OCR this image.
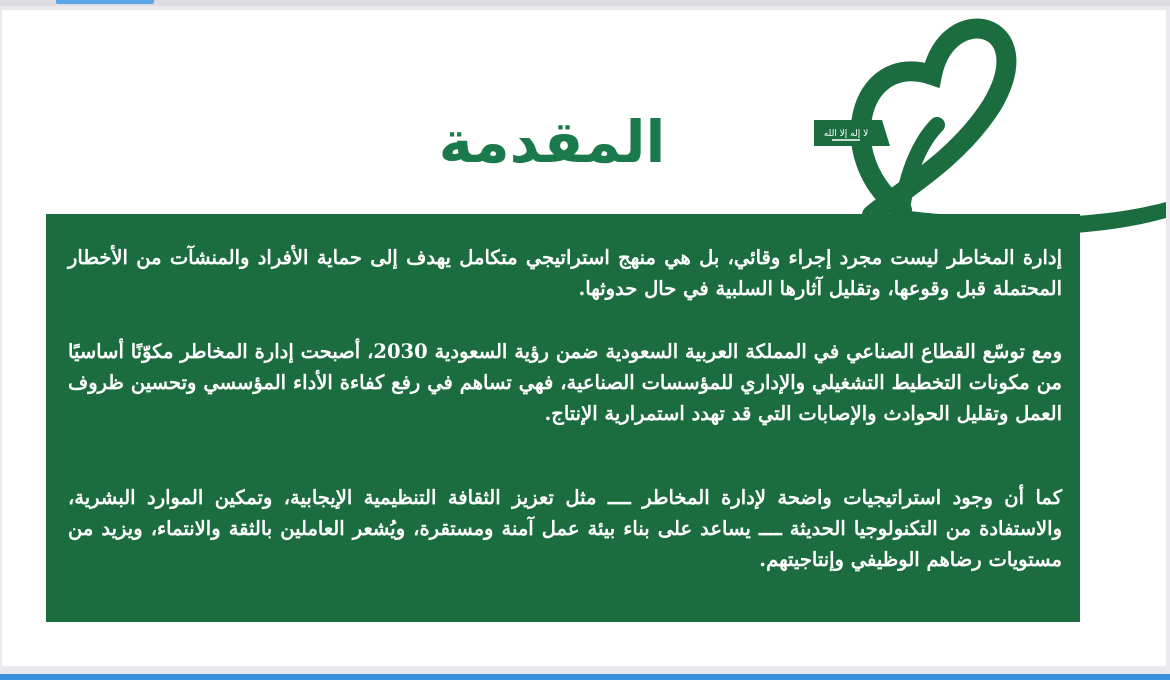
لا إله إلا الله
المقدمة
إدارة المخاطر ليست مجرد إجراء وقائي، بل هي منهج استراتيجي متكامل يهدف إلى حماية الأفراد والمنشآت من الأخطار المحتملة قبل وقوعها، وتقليل آثارها السلبية في حال حدوثها.
ومع توسّع القطاع الصناعي في المملكة العربية السعودية ضمن رؤية السعودية 2030، أصبحت إدارة المخاطر مكوّنًا أساسيًا من مكونات التخطيط التشغيلي والإداري للمؤسسات الصناعية، فهي تساهم في رفع كفاءة الأداء المؤسسي وتحسين ظروف العمل وتقليل الحوادث والإصابات التي قد تهدد استمرارية الإنتاج.
كما أن وجود استراتيجيات واضحة لإدارة المخاطر ــــ مثل تعزيز الثقافة التنظيمية الإيجابية، وتمكين الموارد البشرية، والاستفادة من التكنولوجيا الحديثة ــــ يساعد على بناء بيئة عمل آمنة ومستقرة، ويُشعر العاملين بالثقة والانتماء، ويزيد من مستويات رضاهم الوظيفي وإنتاجيتهم.
